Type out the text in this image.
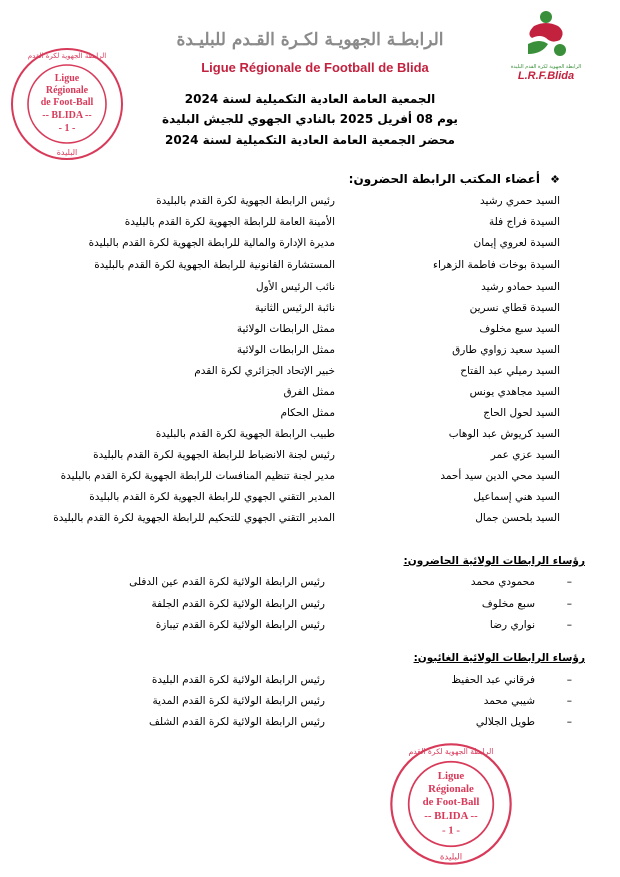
Ligue
Régionale
de Foot-Ball
-- BLIDA --
- 1 -
الرابطة الجهوية لكرة القدم
البليدة
الرابطة الجهوية لكرة القدم البليدة
L.R.F.Blida
الرابطـة الجهويـة لكـرة القـدم للبليـدة
Ligue Régionale de Football de Blida
الجمعية العامة العادية التكميلية لسنة 2024
يوم 08 أفريل 2025 بالنادي الجهوي للجيش البليدة
محضر الجمعية العامة العادية التكميلية لسنة 2024
❖ أعضاء المكتب الرابطة الحضرون:
السيد حمري رشيد
رئيس الرابطة الجهوية لكرة القدم بالبليدة
السيدة فراج فلة
الأمينة العامة للرابطة الجهوية لكرة القدم بالبليدة
السيدة لعروي إيمان
مديرة الإدارة والمالية للرابطة الجهوية لكرة القدم بالبليدة
السيدة بوخات فاطمة الزهراء
المستشارة القانونية للرابطة الجهوية لكرة القدم بالبليدة
السيد حمادو رشيد
نائب الرئيس الأول
السيدة قطاي نسرين
نائبة الرئيس الثانية
السيد سبع مخلوف
ممثل الرابطات الولائية
السيد سعيد زواوي طارق
ممثل الرابطات الولائية
السيد رميلي عبد الفتاح
خبير الإتحاد الجزائري لكرة القدم
السيد مجاهدي يونس
ممثل الفرق
السيد لحول الحاج
ممثل الحكام
السيد كريوش عبد الوهاب
طبيب الرابطة الجهوية لكرة القدم بالبليدة
السيد عزي عمر
رئيس لجنة الانضباط للرابطة الجهوية لكرة القدم بالبليدة
السيد محي الدين سيد أحمد
مدير لجنة تنظيم المنافسات للرابطة الجهوية لكرة القدم بالبليدة
السيد هني إسماعيل
المدير التقني الجهوي للرابطة الجهوية لكرة القدم بالبليدة
السيد بلحسن جمال
المدير التقني الجهوي للتحكيم للرابطة الجهوية لكرة القدم بالبليدة
رؤساء الرابطات الولائية الحاضرون:
–
محمودي محمد
رئيس الرابطة الولائية لكرة القدم عين الدفلى
–
سبع مخلوف
رئيس الرابطة الولائية لكرة القدم الجلفة
–
نواري رضا
رئيس الرابطة الولائية لكرة القدم تيبازة
رؤساء الرابطات الولائية الغائبون:
–
فرقاني عبد الحفيظ
رئيس الرابطة الولائية لكرة القدم البليدة
–
شيبي محمد
رئيس الرابطة الولائية لكرة القدم المدية
–
طويل الجلالي
رئيس الرابطة الولائية لكرة القدم الشلف
Ligue
Régionale
de Foot-Ball
-- BLIDA --
- 1 -
الرابطة الجهوية لكرة القدم
البليدة
